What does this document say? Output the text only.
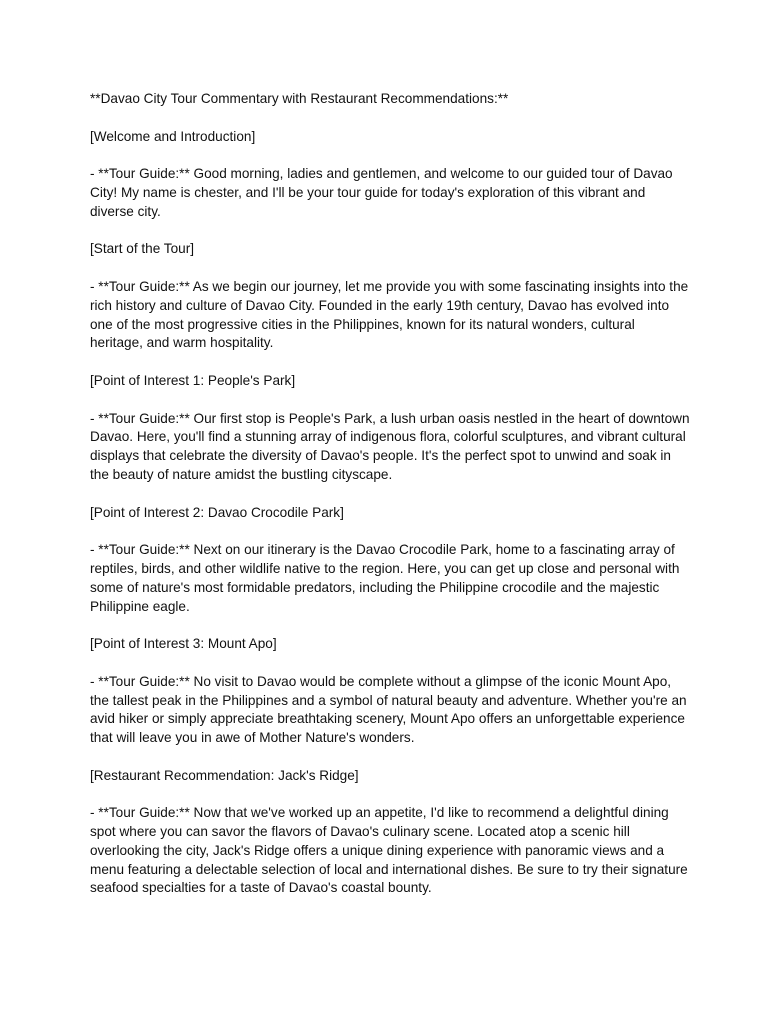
**Davao City Tour Commentary with Restaurant Recommendations:**

[Welcome and Introduction]

- **Tour Guide:** Good morning, ladies and gentlemen, and welcome to our guided tour of Davao City! My name is chester, and I'll be your tour guide for today's exploration of this vibrant and diverse city.

[Start of the Tour]

- **Tour Guide:** As we begin our journey, let me provide you with some fascinating insights into the rich history and culture of Davao City. Founded in the early 19th century, Davao has evolved into one of the most progressive cities in the Philippines, known for its natural wonders, cultural heritage, and warm hospitality.

[Point of Interest 1: People's Park]

- **Tour Guide:** Our first stop is People's Park, a lush urban oasis nestled in the heart of downtown Davao. Here, you'll find a stunning array of indigenous flora, colorful sculptures, and vibrant cultural displays that celebrate the diversity of Davao's people. It's the perfect spot to unwind and soak in the beauty of nature amidst the bustling cityscape.

[Point of Interest 2: Davao Crocodile Park]

- **Tour Guide:** Next on our itinerary is the Davao Crocodile Park, home to a fascinating array of reptiles, birds, and other wildlife native to the region. Here, you can get up close and personal with some of nature's most formidable predators, including the Philippine crocodile and the majestic Philippine eagle.

[Point of Interest 3: Mount Apo]

- **Tour Guide:** No visit to Davao would be complete without a glimpse of the iconic Mount Apo, the tallest peak in the Philippines and a symbol of natural beauty and adventure. Whether you're an avid hiker or simply appreciate breathtaking scenery, Mount Apo offers an unforgettable experience that will leave you in awe of Mother Nature's wonders.

[Restaurant Recommendation: Jack's Ridge]

- **Tour Guide:** Now that we've worked up an appetite, I'd like to recommend a delightful dining spot where you can savor the flavors of Davao's culinary scene. Located atop a scenic hill overlooking the city, Jack's Ridge offers a unique dining experience with panoramic views and a menu featuring a delectable selection of local and international dishes. Be sure to try their signature seafood specialties for a taste of Davao's coastal bounty.
